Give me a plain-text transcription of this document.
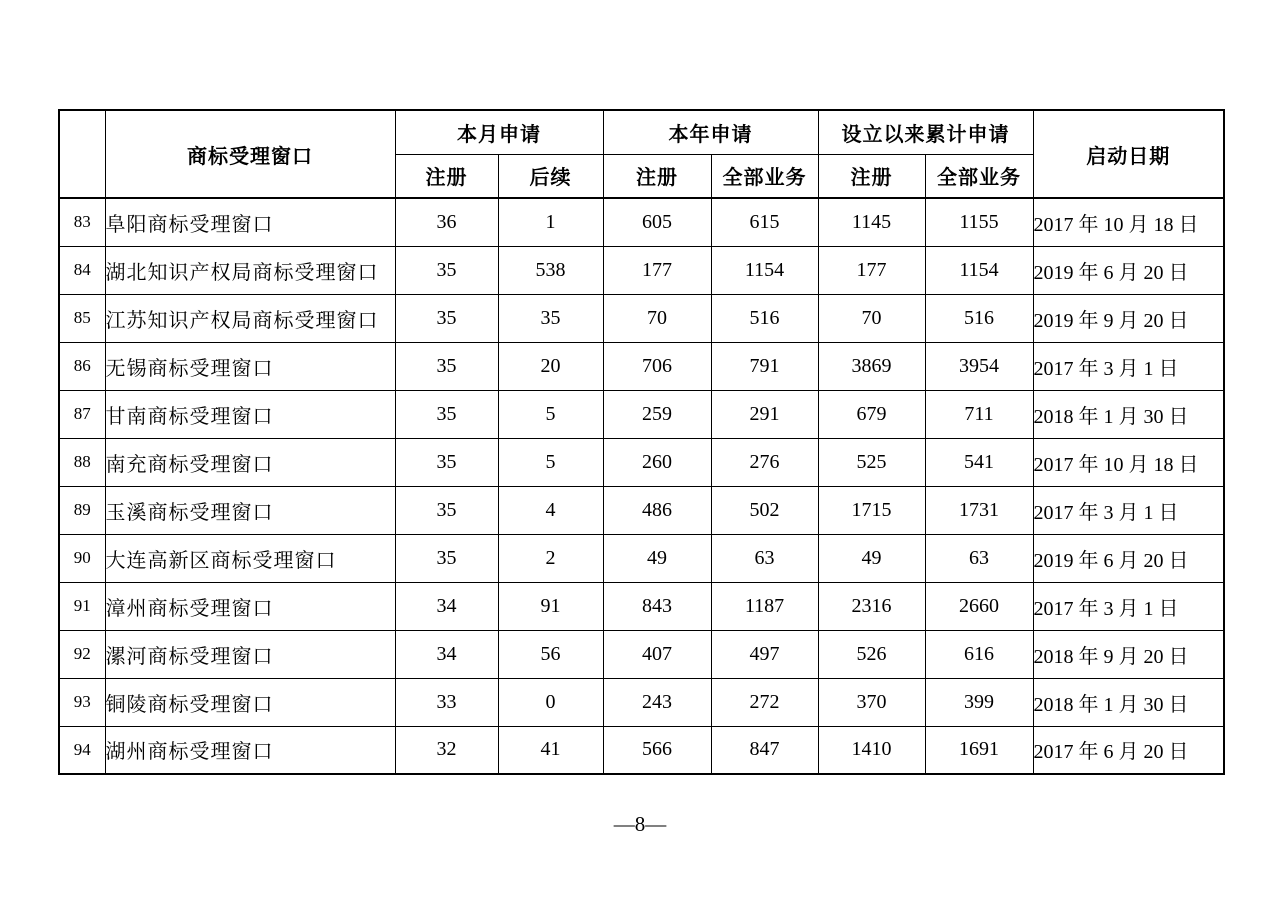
	商标受理窗口	本月申请		本年申请		设立以来累计申请		启动日期
		注册	后续	注册	全部业务	注册	全部业务	
83	阜阳商标受理窗口	36	1	605	615	1145	1155	2017 年 10 月 18 日
84	湖北知识产权局商标受理窗口	35	538	177	1154	177	1154	2019 年 6 月 20 日
85	江苏知识产权局商标受理窗口	35	35	70	516	70	516	2019 年 9 月 20 日
86	无锡商标受理窗口	35	20	706	791	3869	3954	2017 年 3 月 1 日
87	甘南商标受理窗口	35	5	259	291	679	711	2018 年 1 月 30 日
88	南充商标受理窗口	35	5	260	276	525	541	2017 年 10 月 18 日
89	玉溪商标受理窗口	35	4	486	502	1715	1731	2017 年 3 月 1 日
90	大连高新区商标受理窗口	35	2	49	63	49	63	2019 年 6 月 20 日
91	漳州商标受理窗口	34	91	843	1187	2316	2660	2017 年 3 月 1 日
92	漯河商标受理窗口	34	56	407	497	526	616	2018 年 9 月 20 日
93	铜陵商标受理窗口	33	0	243	272	370	399	2018 年 1 月 30 日
94	湖州商标受理窗口	32	41	566	847	1410	1691	2017 年 6 月 20 日
—8—
